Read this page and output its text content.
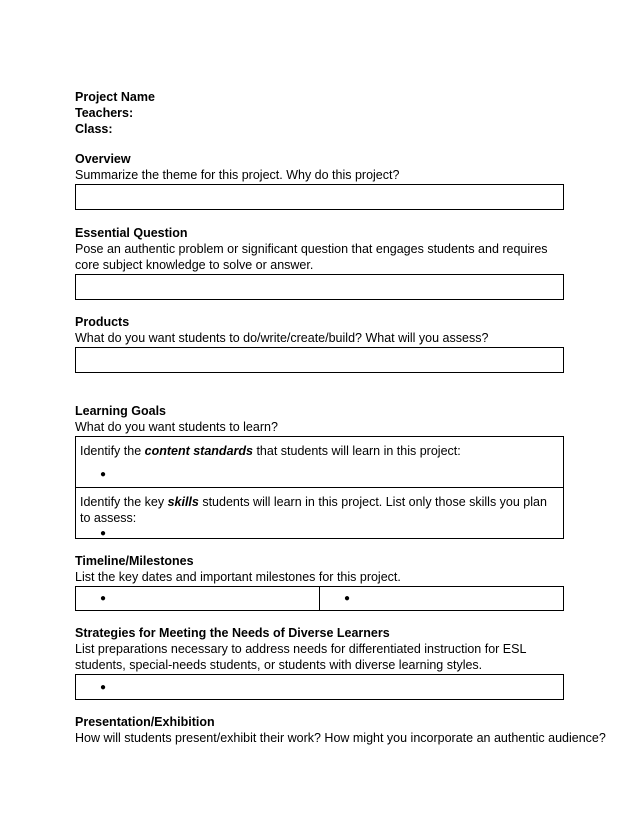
Project Name
Teachers:
Class:
Overview
Summarize the theme for this project. Why do this project?
Essential Question
Pose an authentic problem or significant question that engages students and requires core subject knowledge to solve or answer.
Products
What do you want students to do/write/create/build? What will you assess?
Learning Goals
What do you want students to learn?
Identify the content standards that students will learn in this project:
●
Identify the key skills students will learn in this project. List only those skills you plan to assess:
●
Timeline/Milestones
List the key dates and important milestones for this project.
●	●
Strategies for Meeting the Needs of Diverse Learners
List preparations necessary to address needs for differentiated instruction for ESL students, special-needs students, or students with diverse learning styles.
●
Presentation/Exhibition
How will students present/exhibit their work? How might you incorporate an authentic audience?
